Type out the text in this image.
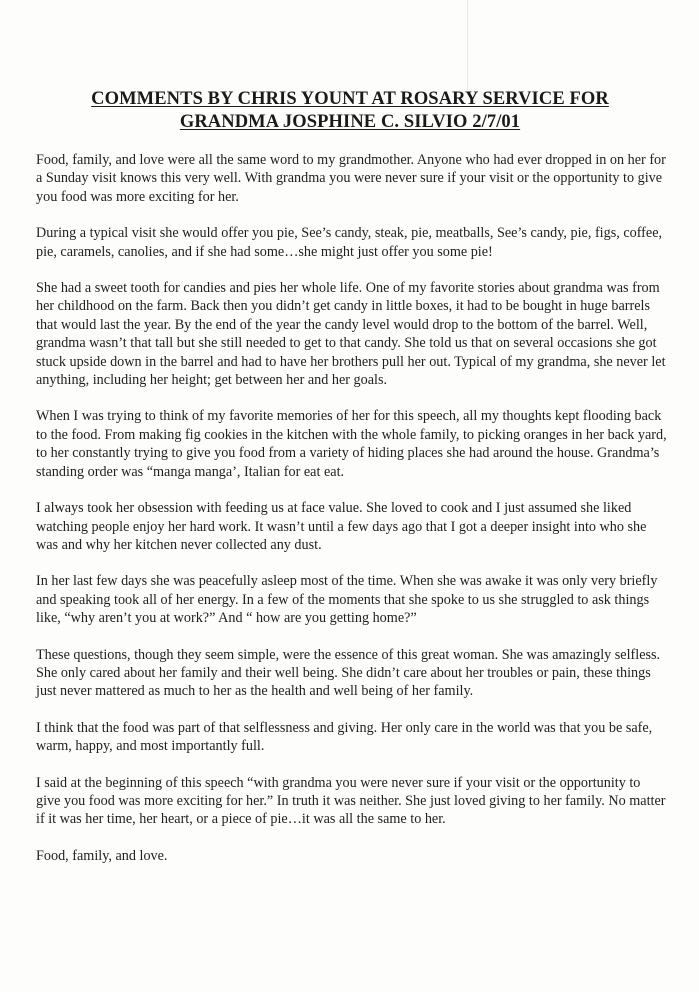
COMMENTS BY CHRIS YOUNT AT ROSARY SERVICE FOR
GRANDMA JOSPHINE C. SILVIO 2/7/01

Food, family, and love were all the same word to my grandmother. Anyone who had ever dropped in on her for a Sunday visit knows this very well. With grandma you were never sure if your visit or the opportunity to give you food was more exciting for her.

During a typical visit she would offer you pie, See’s candy, steak, pie, meatballs, See’s candy, pie, figs, coffee, pie, caramels, canolies, and if she had some…she might just offer you some pie!

She had a sweet tooth for candies and pies her whole life. One of my favorite stories about grandma was from her childhood on the farm. Back then you didn’t get candy in little boxes, it had to be bought in huge barrels that would last the year. By the end of the year the candy level would drop to the bottom of the barrel. Well, grandma wasn’t that tall but she still needed to get to that candy. She told us that on several occasions she got stuck upside down in the barrel and had to have her brothers pull her out. Typical of my grandma, she never let anything, including her height; get between her and her goals.

When I was trying to think of my favorite memories of her for this speech, all my thoughts kept flooding back to the food. From making fig cookies in the kitchen with the whole family, to picking oranges in her back yard, to her constantly trying to give you food from a variety of hiding places she had around the house. Grandma’s standing order was “manga manga’, Italian for eat eat.

I always took her obsession with feeding us at face value. She loved to cook and I just assumed she liked watching people enjoy her hard work. It wasn’t until a few days ago that I got a deeper insight into who she was and why her kitchen never collected any dust.

In her last few days she was peacefully asleep most of the time. When she was awake it was only very briefly and speaking took all of her energy. In a few of the moments that she spoke to us she struggled to ask things like, “why aren’t you at work?” And “ how are you getting home?”

These questions, though they seem simple, were the essence of this great woman. She was amazingly selfless. She only cared about her family and their well being. She didn’t care about her troubles or pain, these things just never mattered as much to her as the health and well being of her family.

I think that the food was part of that selflessness and giving. Her only care in the world was that you be safe, warm, happy, and most importantly full.

I said at the beginning of this speech “with grandma you were never sure if your visit or the opportunity to give you food was more exciting for her.” In truth it was neither. She just loved giving to her family. No matter if it was her time, her heart, or a piece of pie…it was all the same to her.

Food, family, and love.
